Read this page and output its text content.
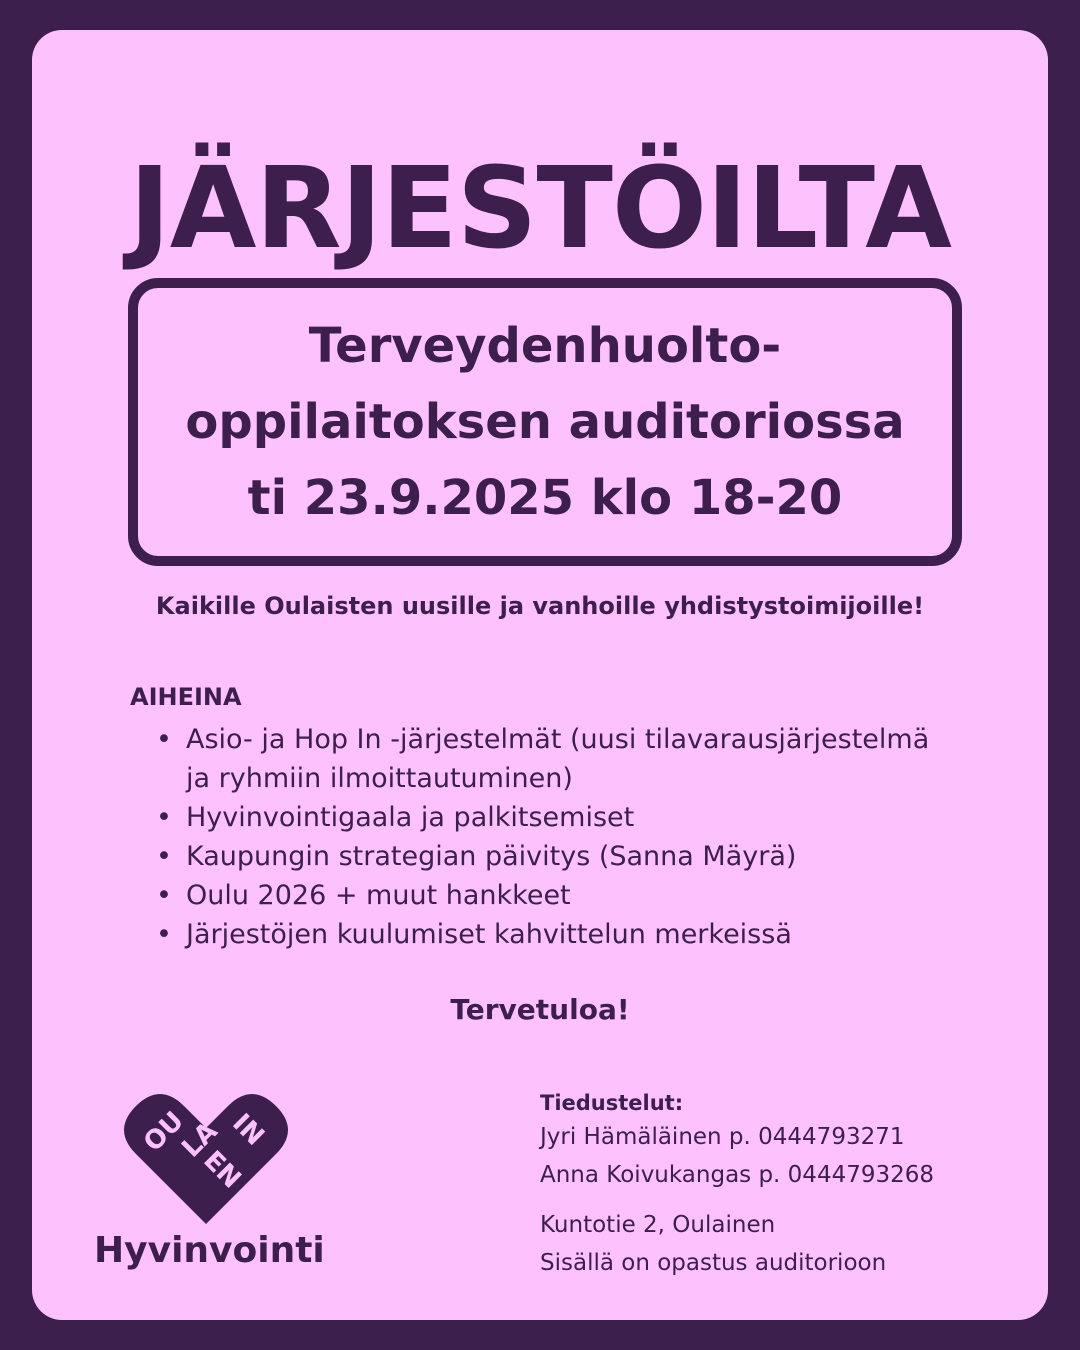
JÄRJESTÖILTA
Terveydenhuolto-
oppilaitoksen auditoriossa
ti 23.9.2025 klo 18-20
Kaikille Oulaisten uusille ja vanhoille yhdistystoimijoille!
AIHEINA
• Asio- ja Hop In -järjestelmät (uusi tilavarausjärjestelmä
ja ryhmiin ilmoittautuminen)
• Hyvinvointigaala ja palkitsemiset
• Kaupungin strategian päivitys (Sanna Mäyrä)
• Oulu 2026 + muut hankkeet
• Järjestöjen kuulumiset kahvittelun merkeissä
Tervetuloa!
OU
LA IN
EN
Hyvinvointi
Tiedustelut:
Jyri Hämäläinen p. 0444793271
Anna Koivukangas p. 0444793268
Kuntotie 2, Oulainen
Sisällä on opastus auditorioon
